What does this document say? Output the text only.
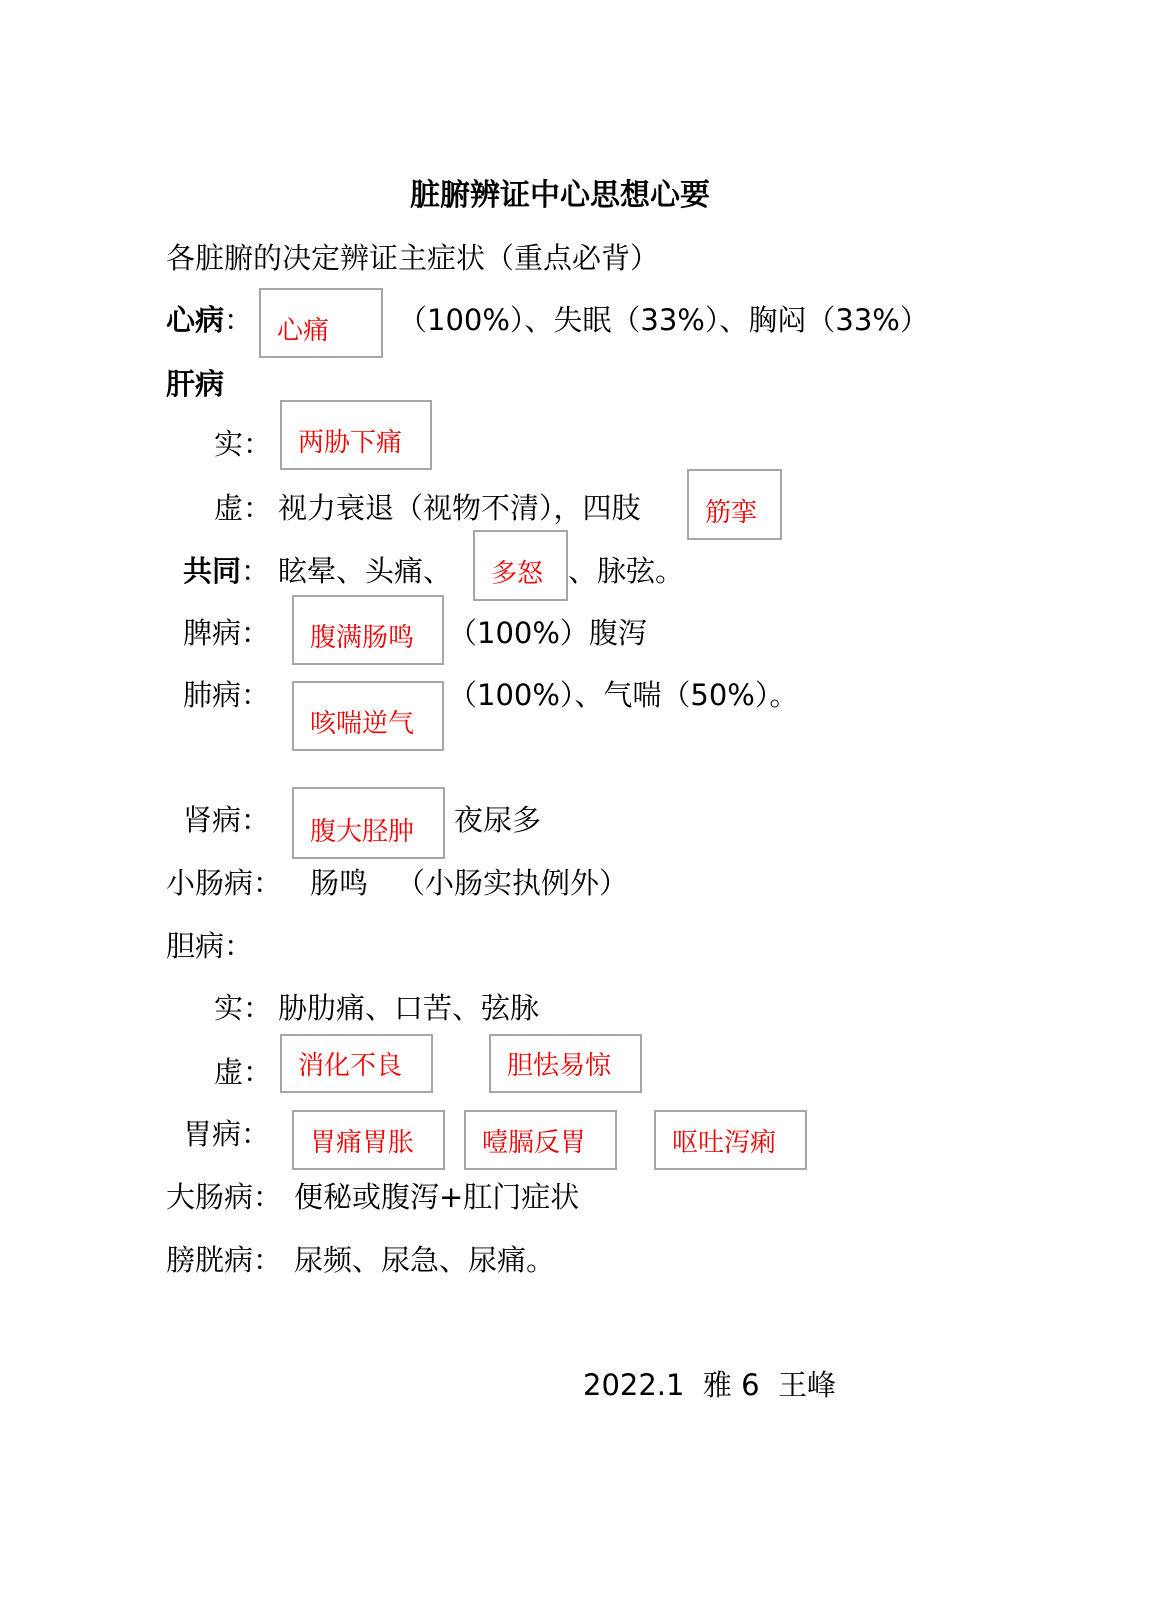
脏腑辨证中心思想心要
各脏腑的决定辨证主症状（重点必背）
心病： 心痛 （100%）、失眠（33%）、胸闷（33%）
肝病
实： 两胁下痛
虚： 视力衰退（视物不清），四肢 筋挛
共同： 眩晕、头痛、 多怒 、脉弦。
脾病： 腹满肠鸣 （100%）腹泻
肺病：
咳喘逆气
（100%）、气喘（50%）。
肾病： 腹大胫肿 夜尿多
小肠病： 肠鸣 （小肠实执例外）
胆病：
实： 胁肋痛、口苦、弦脉
虚： 消化不良	胆怯易惊
胃病： 胃痛胃胀	噎膈反胃	呕吐泻痢
大肠病： 便秘或腹泻+肛门症状
膀胱病： 尿频、尿急、尿痛。
2022.1  雅 6  王峰
